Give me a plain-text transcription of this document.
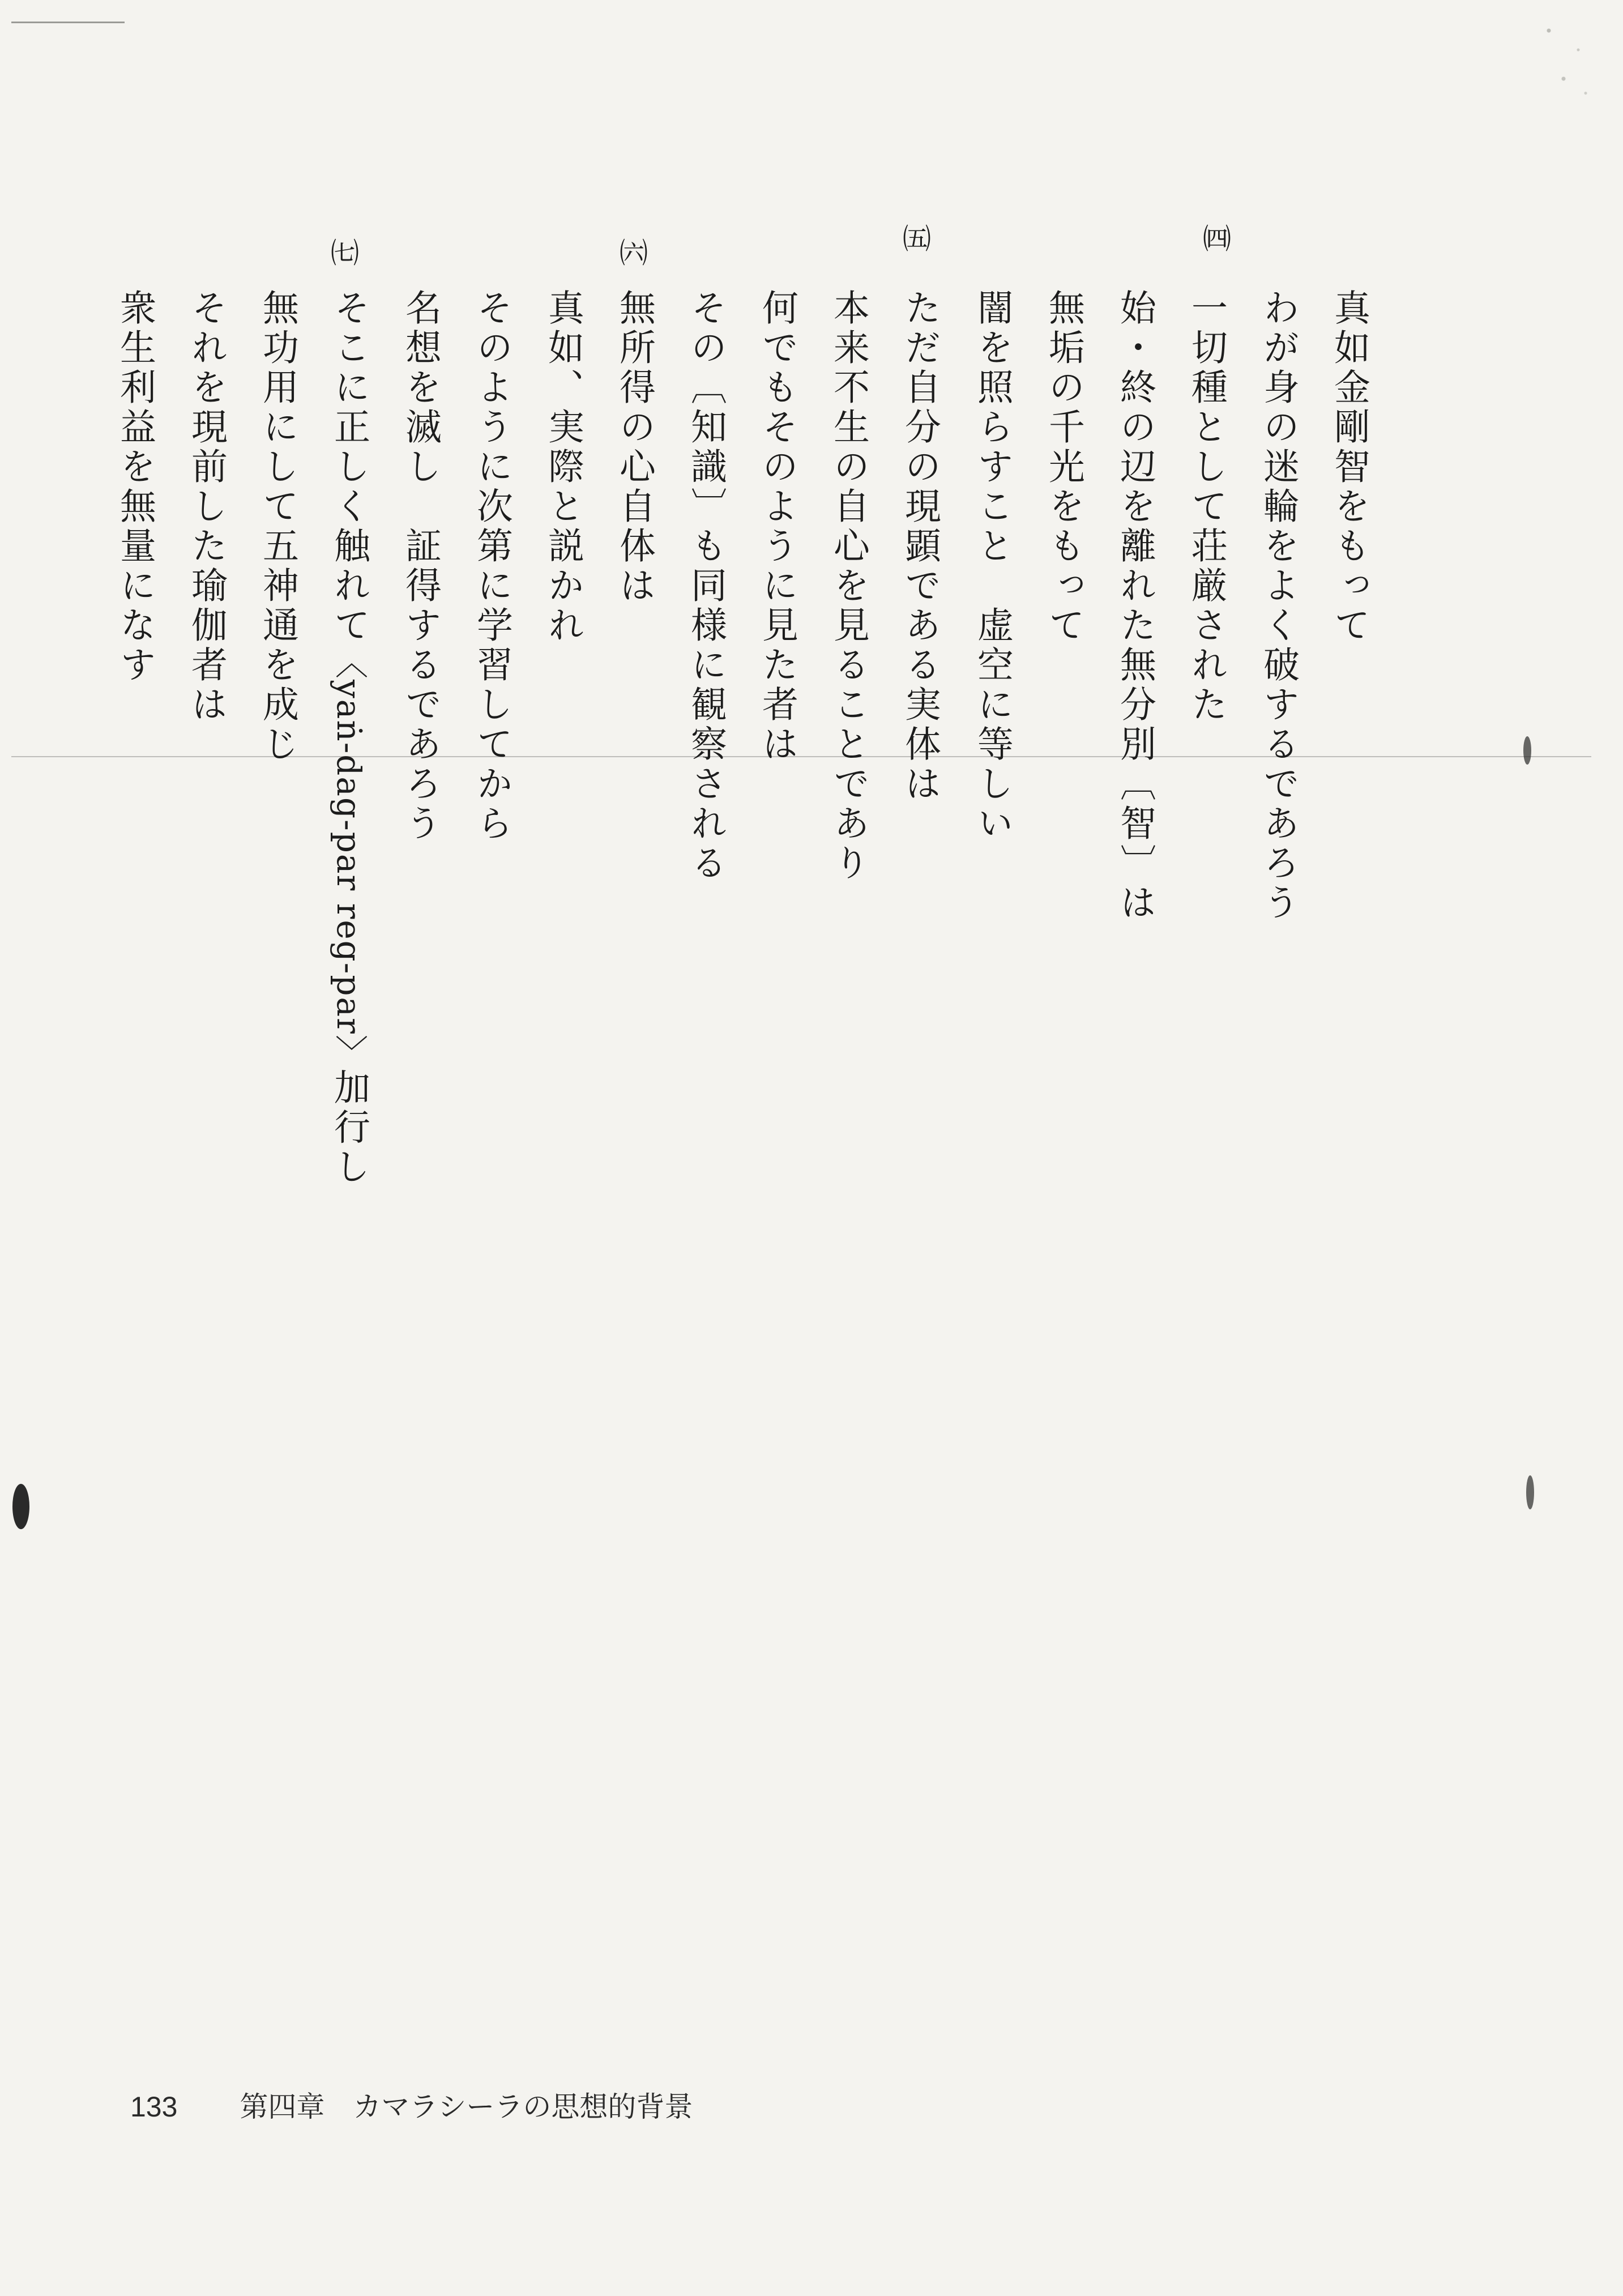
㈣
㈤
㈥
㈦
真如金剛智をもって
わが身の迷輪をよく破するであろう
一切種として荘厳された
始・終の辺を離れた無分別〔智〕は
無垢の千光をもって
闇を照らすこと　虚空に等しい
ただ自分の現顕である実体は
本来不生の自心を見ることであり
何でもそのように見た者は
その〔知識〕も同様に観察される
無所得の心自体は
真如、実際と説かれ
そのように次第に学習してから
名想を滅し　証得するであろう
そこに正しく触れて〈yaṅ-dag-par reg-par〉加行し
無功用にして五神通を成じ
それを現前した瑜伽者は
衆生利益を無量になす
133 第四章　カマラシーラの思想的背景
